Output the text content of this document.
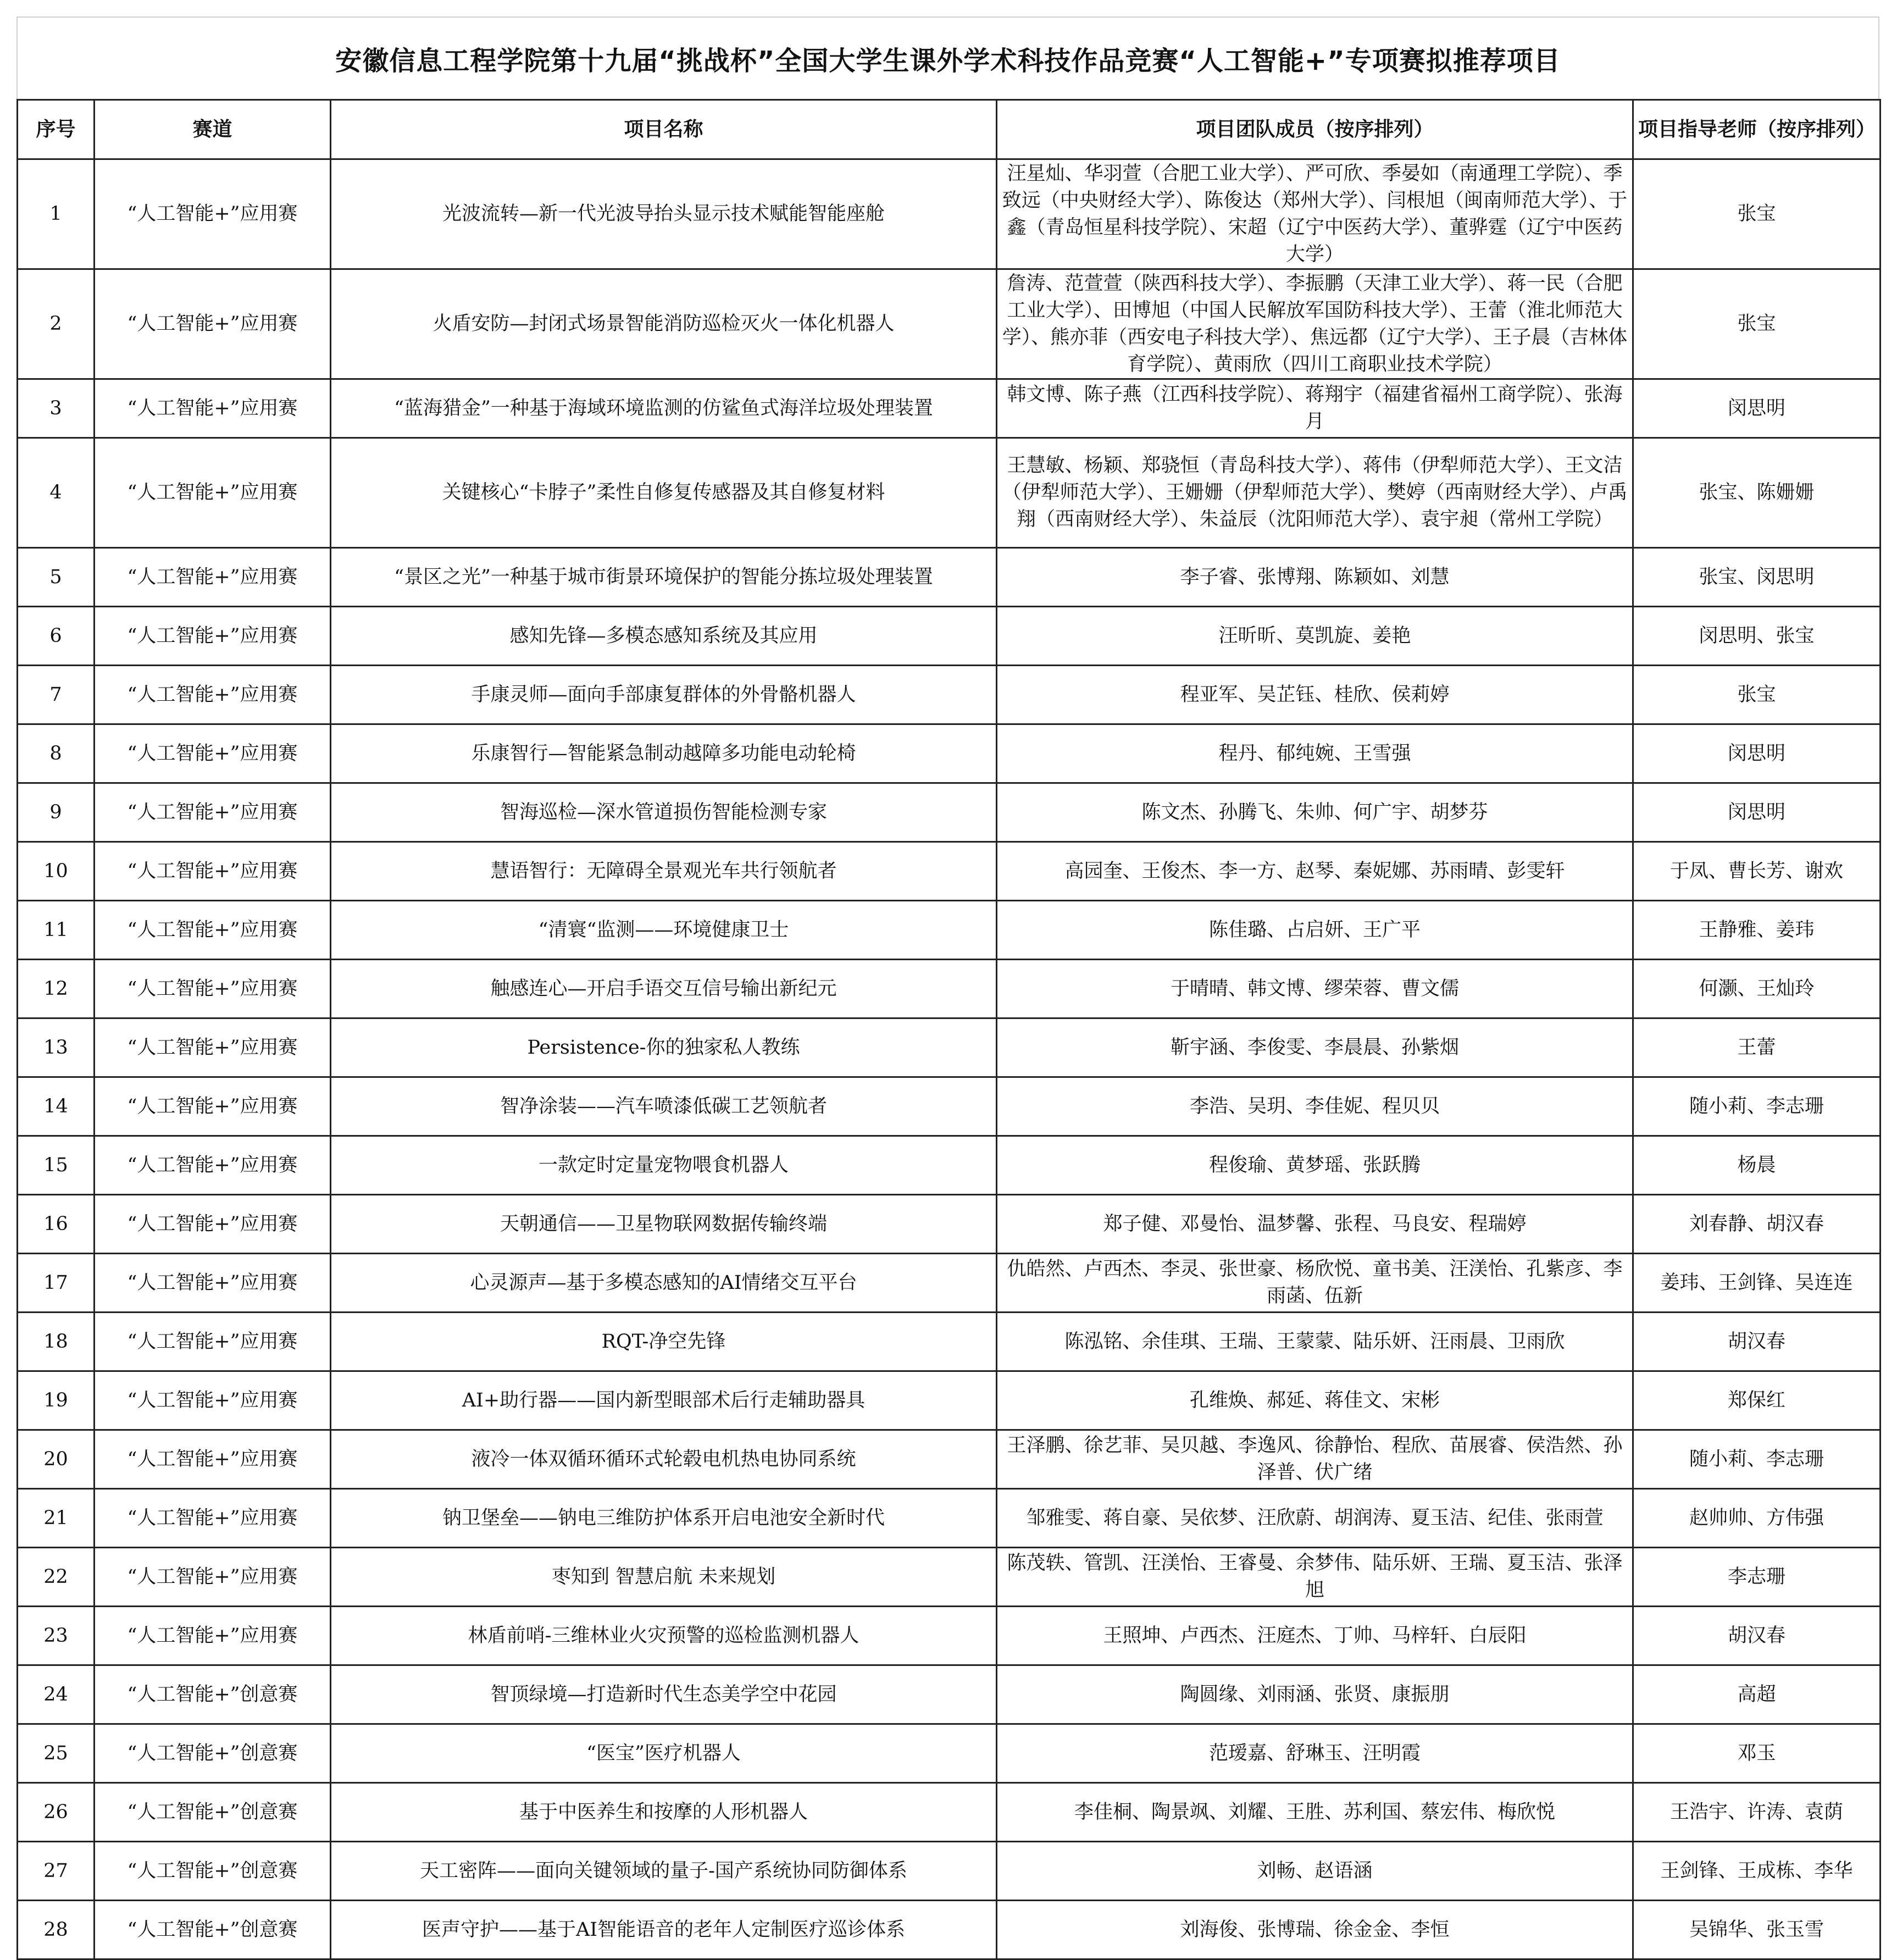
安徽信息工程学院第十九届“挑战杯”全国大学生课外学术科技作品竞赛“人工智能+”专项赛拟推荐项目
序号	赛道	项目名称	项目团队成员（按序排列）	项目指导老师（按序排列）
1	“人工智能+”应用赛	光波流转—新一代光波导抬头显示技术赋能智能座舱	汪星灿、华羽萱（合肥工业大学）、严可欣、季晏如（南通理工学院）、季致远（中央财经大学）、陈俊达（郑州大学）、闫根旭（闽南师范大学）、于鑫（青岛恒星科技学院）、宋超（辽宁中医药大学）、董骅霆（辽宁中医药大学）	张宝
2	“人工智能+”应用赛	火盾安防—封闭式场景智能消防巡检灭火一体化机器人	詹涛、范萱萱（陕西科技大学）、李振鹏（天津工业大学）、蒋一民（合肥工业大学）、田博旭（中国人民解放军国防科技大学）、王蕾（淮北师范大学）、熊亦菲（西安电子科技大学）、焦远都（辽宁大学）、王子晨（吉林体育学院）、黄雨欣（四川工商职业技术学院）	张宝
3	“人工智能+”应用赛	“蓝海猎金”一种基于海域环境监测的仿鲨鱼式海洋垃圾处理装置	韩文博、陈子燕（江西科技学院）、蒋翔宇（福建省福州工商学院）、张海月	闵思明
4	“人工智能+”应用赛	关键核心“卡脖子”柔性自修复传感器及其自修复材料	王慧敏、杨颖、郑骁恒（青岛科技大学）、蒋伟（伊犁师范大学）、王文洁（伊犁师范大学）、王姗姗（伊犁师范大学）、樊婷（西南财经大学）、卢禹翔（西南财经大学）、朱益辰（沈阳师范大学）、袁宇昶（常州工学院）	张宝、陈姗姗
5	“人工智能+”应用赛	“景区之光”一种基于城市街景环境保护的智能分拣垃圾处理装置	李子睿、张博翔、陈颖如、刘慧	张宝、闵思明
6	“人工智能+”应用赛	感知先锋—多模态感知系统及其应用	汪昕昕、莫凯旋、姜艳	闵思明、张宝
7	“人工智能+”应用赛	手康灵师—面向手部康复群体的外骨骼机器人	程亚军、吴芷钰、桂欣、侯莉婷	张宝
8	“人工智能+”应用赛	乐康智行—智能紧急制动越障多功能电动轮椅	程丹、郁纯婉、王雪强	闵思明
9	“人工智能+”应用赛	智海巡检—深水管道损伤智能检测专家	陈文杰、孙腾飞、朱帅、何广宇、胡梦芬	闵思明
10	“人工智能+”应用赛	慧语智行：无障碍全景观光车共行领航者	高园奎、王俊杰、李一方、赵琴、秦妮娜、苏雨晴、彭雯轩	于凤、曹长芳、谢欢
11	“人工智能+”应用赛	“清寰“监测——环境健康卫士	陈佳璐、占启妍、王广平	王静雅、姜玮
12	“人工智能+”应用赛	触感连心—开启手语交互信号输出新纪元	于晴晴、韩文博、缪荣蓉、曹文儒	何灏、王灿玲
13	“人工智能+”应用赛	Persistence-你的独家私人教练	靳宇涵、李俊雯、李晨晨、孙紫烟	王蕾
14	“人工智能+”应用赛	智净涂装——汽车喷漆低碳工艺领航者	李浩、吴玥、李佳妮、程贝贝	随小莉、李志珊
15	“人工智能+”应用赛	一款定时定量宠物喂食机器人	程俊瑜、黄梦瑶、张跃腾	杨晨
16	“人工智能+”应用赛	天朝通信——卫星物联网数据传输终端	郑子健、邓曼怡、温梦馨、张程、马良安、程瑞婷	刘春静、胡汉春
17	“人工智能+”应用赛	心灵源声—基于多模态感知的AI情绪交互平台	仇皓然、卢西杰、李灵、张世豪、杨欣悦、童书美、汪渼怡、孔紫彦、李雨菡、伍新	姜玮、王剑锋、吴连连
18	“人工智能+”应用赛	RQT-净空先锋	陈泓铭、余佳琪、王瑞、王蒙蒙、陆乐妍、汪雨晨、卫雨欣	胡汉春
19	“人工智能+”应用赛	AI+助行器——国内新型眼部术后行走辅助器具	孔维焕、郝延、蒋佳文、宋彬	郑保红
20	“人工智能+”应用赛	液冷一体双循环循环式轮毂电机热电协同系统	王泽鹏、徐艺菲、吴贝越、李逸风、徐静怡、程欣、苗展睿、侯浩然、孙泽普、伏广绪	随小莉、李志珊
21	“人工智能+”应用赛	钠卫堡垒——钠电三维防护体系开启电池安全新时代	邹雅雯、蒋自豪、吴依梦、汪欣蔚、胡润涛、夏玉洁、纪佳、张雨萱	赵帅帅、方伟强
22	“人工智能+”应用赛	枣知到 智慧启航 未来规划	陈茂轶、管凯、汪渼怡、王睿曼、余梦伟、陆乐妍、王瑞、夏玉洁、张泽旭	李志珊
23	“人工智能+”应用赛	林盾前哨-三维林业火灾预警的巡检监测机器人	王照坤、卢西杰、汪庭杰、丁帅、马梓轩、白辰阳	胡汉春
24	“人工智能+”创意赛	智顶绿境—打造新时代生态美学空中花园	陶圆缘、刘雨涵、张贤、康振朋	高超
25	“人工智能+”创意赛	“医宝”医疗机器人	范瑷嘉、舒琳玉、汪明霞	邓玉
26	“人工智能+”创意赛	基于中医养生和按摩的人形机器人	李佳桐、陶景飒、刘耀、王胜、苏利国、蔡宏伟、梅欣悦	王浩宇、许涛、袁荫
27	“人工智能+”创意赛	天工密阵——面向关键领域的量子-国产系统协同防御体系	刘畅、赵语涵	王剑锋、王成栋、李华
28	“人工智能+”创意赛	医声守护——基于AI智能语音的老年人定制医疗巡诊体系	刘海俊、张博瑞、徐金金、李恒	吴锦华、张玉雪
